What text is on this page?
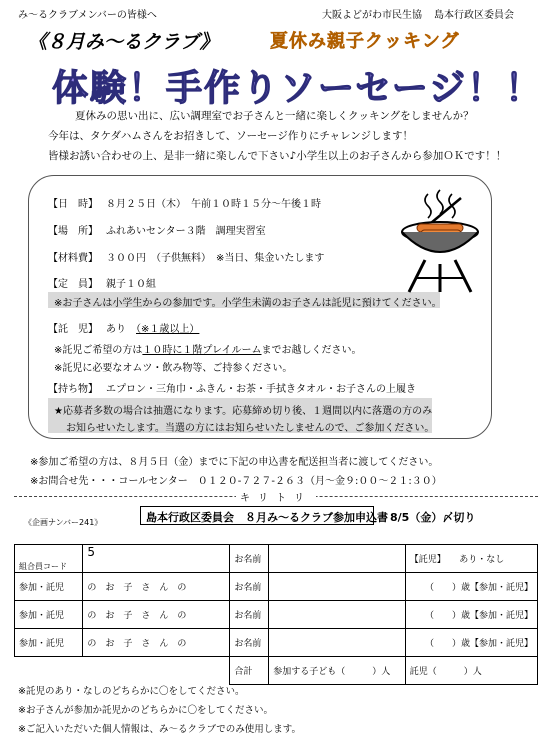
み～るクラブメンバーの皆様へ	大阪よどがわ市民生協 島本行政区委員会
《８月み～るクラブ》	夏休み親子クッキング
体験！手作りソーセージ！！
夏休みの思い出に、広い調理室でお子さんと一緒に楽しくクッキングをしませんか？
今年は、タケダハムさんをお招きして、ソーセージ作りにチャレンジします！
皆様お誘い合わせの上、是非一緒に楽しんで下さい♪小学生以上のお子さんから参加ＯＫです！！
【日　時】 ８月２５日（木）　午前１０時１５分～午後１時
【場　所】 ふれあいセンター３階　調理実習室
【材料費】 ３００円　（子供無料）　※当日、集金いたします
【定　員】 親子１０組
※お子さんは小学生からの参加です。小学生未満のお子さんは託児に預けてください。
【託　児】 あり　（※１歳以上）
※託児ご希望の方は１０時に１階プレイルームまでお越しください。
※託児に必要なオムツ・飲み物等、ご持参ください。
【持ち物】 エプロン・三角巾・ふきん・お茶・手拭きタオル・お子さんの上履き
★応募者多数の場合は抽選になります。応募締め切り後、１週間以内に落選の方のみ
お知らせいたします。当選の方にはお知らせいたしませんので、ご参加ください。
※参加ご希望の方は、８月５日（金）までに下記の申込書を配送担当者に渡してください。
※お問合せ先・・・コールセンター　０１２０-７２７-２６３（月～金９:００～２１:３０）
キリトリ
《企画ナンバー241》	島本行政区委員会　８月み～るクラブ参加申込書 8/5（金）〆切り
組合員コード	5	お名前		【託児】　　 あり・なし
参加・託児	の　お　子　さ　ん　の	お名前		（　　）歳【参加・託児】
参加・託児	の　お　子　さ　ん　の	お名前		（　　）歳【参加・託児】
参加・託児	の　お　子　さ　ん　の	お名前		（　　）歳【参加・託児】
		合計	参加する子ども（　　　）人	託児（　　　）人
※託児のあり・なしのどちらかに〇をしてください。
※お子さんが参加か託児かのどちらかに〇をしてください。
※ご記入いただいた個人情報は、み～るクラブでのみ使用します。
